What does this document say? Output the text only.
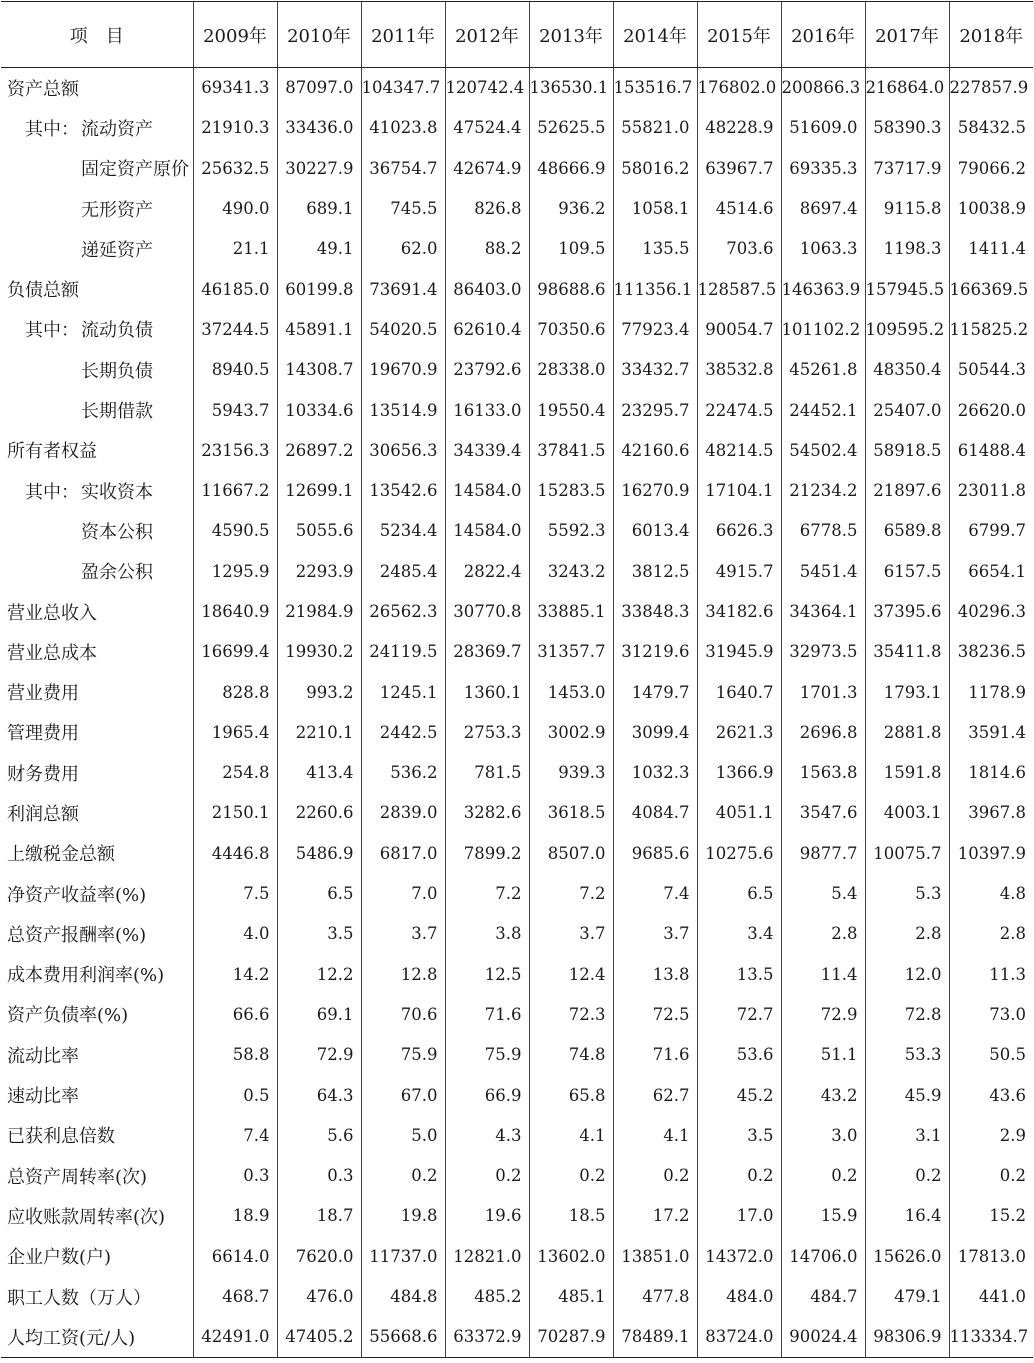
项　目	2009年	2010年	2011年	2012年	2013年	2014年	2015年	2016年	2017年	2018年
资产总额	69341.3	87097.0	104347.7	120742.4	136530.1	153516.7	176802.0	200866.3	216864.0	227857.9
其中： 流动资产	21910.3	33436.0	41023.8	47524.4	52625.5	55821.0	48228.9	51609.0	58390.3	58432.5
固定资产原价	25632.5	30227.9	36754.7	42674.9	48666.9	58016.2	63967.7	69335.3	73717.9	79066.2
无形资产	490.0	689.1	745.5	826.8	936.2	1058.1	4514.6	8697.4	9115.8	10038.9
递延资产	21.1	49.1	62.0	88.2	109.5	135.5	703.6	1063.3	1198.3	1411.4
负债总额	46185.0	60199.8	73691.4	86403.0	98688.6	111356.1	128587.5	146363.9	157945.5	166369.5
其中： 流动负债	37244.5	45891.1	54020.5	62610.4	70350.6	77923.4	90054.7	101102.2	109595.2	115825.2
长期负债	8940.5	14308.7	19670.9	23792.6	28338.0	33432.7	38532.8	45261.8	48350.4	50544.3
长期借款	5943.7	10334.6	13514.9	16133.0	19550.4	23295.7	22474.5	24452.1	25407.0	26620.0
所有者权益	23156.3	26897.2	30656.3	34339.4	37841.5	42160.6	48214.5	54502.4	58918.5	61488.4
其中： 实收资本	11667.2	12699.1	13542.6	14584.0	15283.5	16270.9	17104.1	21234.2	21897.6	23011.8
资本公积	4590.5	5055.6	5234.4	14584.0	5592.3	6013.4	6626.3	6778.5	6589.8	6799.7
盈余公积	1295.9	2293.9	2485.4	2822.4	3243.2	3812.5	4915.7	5451.4	6157.5	6654.1
营业总收入	18640.9	21984.9	26562.3	30770.8	33885.1	33848.3	34182.6	34364.1	37395.6	40296.3
营业总成本	16699.4	19930.2	24119.5	28369.7	31357.7	31219.6	31945.9	32973.5	35411.8	38236.5
营业费用	828.8	993.2	1245.1	1360.1	1453.0	1479.7	1640.7	1701.3	1793.1	1178.9
管理费用	1965.4	2210.1	2442.5	2753.3	3002.9	3099.4	2621.3	2696.8	2881.8	3591.4
财务费用	254.8	413.4	536.2	781.5	939.3	1032.3	1366.9	1563.8	1591.8	1814.6
利润总额	2150.1	2260.6	2839.0	3282.6	3618.5	4084.7	4051.1	3547.6	4003.1	3967.8
上缴税金总额	4446.8	5486.9	6817.0	7899.2	8507.0	9685.6	10275.6	9877.7	10075.7	10397.9
净资产收益率(%)	7.5	6.5	7.0	7.2	7.2	7.4	6.5	5.4	5.3	4.8
总资产报酬率(%)	4.0	3.5	3.7	3.8	3.7	3.7	3.4	2.8	2.8	2.8
成本费用利润率(%)	14.2	12.2	12.8	12.5	12.4	13.8	13.5	11.4	12.0	11.3
资产负债率(%)	66.6	69.1	70.6	71.6	72.3	72.5	72.7	72.9	72.8	73.0
流动比率	58.8	72.9	75.9	75.9	74.8	71.6	53.6	51.1	53.3	50.5
速动比率	0.5	64.3	67.0	66.9	65.8	62.7	45.2	43.2	45.9	43.6
已获利息倍数	7.4	5.6	5.0	4.3	4.1	4.1	3.5	3.0	3.1	2.9
总资产周转率(次)	0.3	0.3	0.2	0.2	0.2	0.2	0.2	0.2	0.2	0.2
应收账款周转率(次)	18.9	18.7	19.8	19.6	18.5	17.2	17.0	15.9	16.4	15.2
企业户数(户)	6614.0	7620.0	11737.0	12821.0	13602.0	13851.0	14372.0	14706.0	15626.0	17813.0
职工人数（万人）	468.7	476.0	484.8	485.2	485.1	477.8	484.0	484.7	479.1	441.0
人均工资(元/人)	42491.0	47405.2	55668.6	63372.9	70287.9	78489.1	83724.0	90024.4	98306.9	113334.7
